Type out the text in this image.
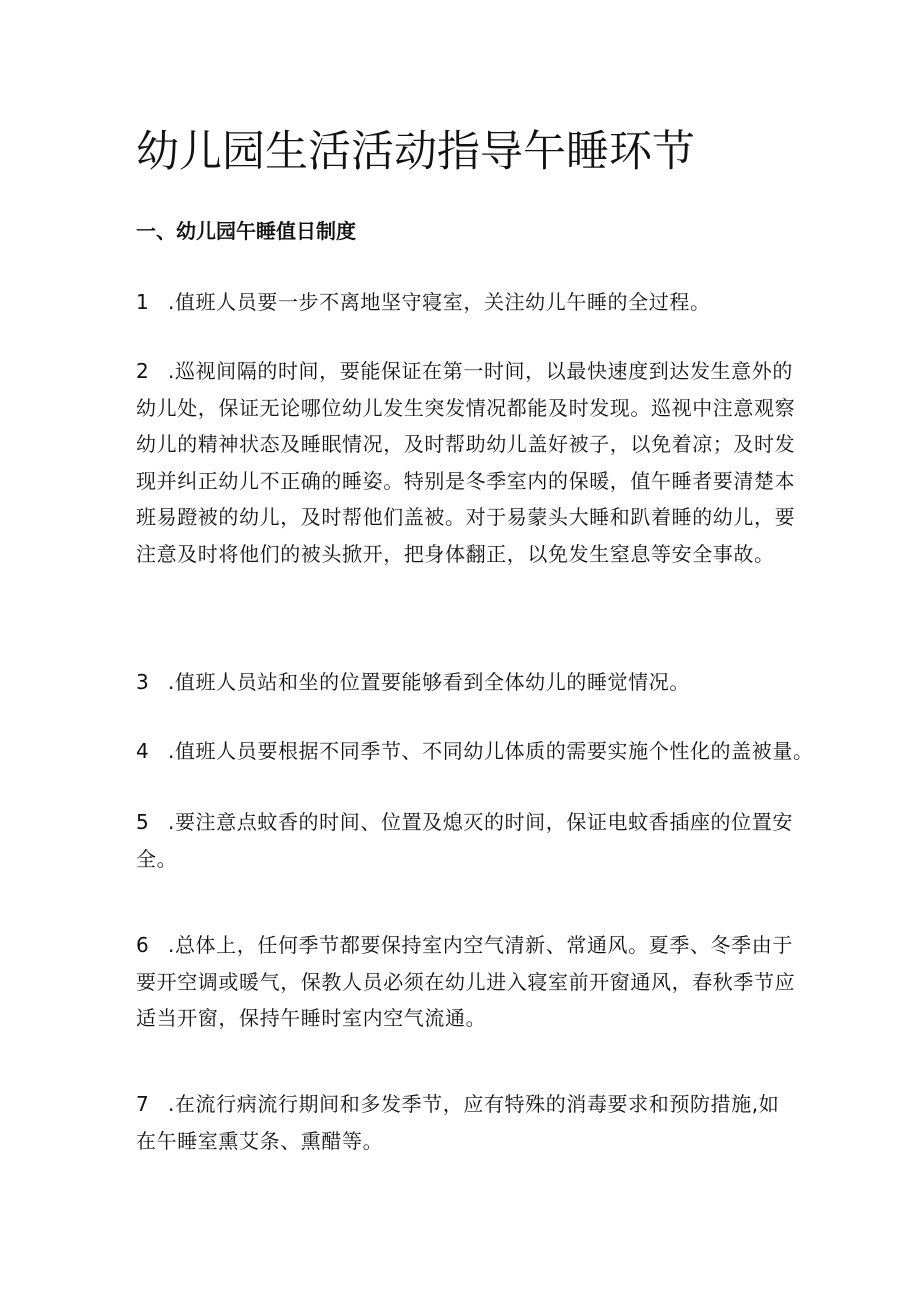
幼儿园生活活动指导午睡环节
一、幼儿园午睡值日制度

1 .值班人员要一步不离地坚守寝室，关注幼儿午睡的全过程。

2 .巡视间隔的时间，要能保证在第一时间，以最快速度到达发生意外的幼儿处，保证无论哪位幼儿发生突发情况都能及时发现。巡视中注意观察幼儿的精神状态及睡眠情况，及时帮助幼儿盖好被子，以免着凉；及时发现并纠正幼儿不正确的睡姿。特别是冬季室内的保暖，值午睡者要清楚本班易蹬被的幼儿，及时帮他们盖被。对于易蒙头大睡和趴着睡的幼儿，要注意及时将他们的被头掀开，把身体翻正，以免发生窒息等安全事故。

3 .值班人员站和坐的位置要能够看到全体幼儿的睡觉情况。

4 .值班人员要根据不同季节、不同幼儿体质的需要实施个性化的盖被量。

5 .要注意点蚊香的时间、位置及熄灭的时间，保证电蚊香插座的位置安全。

6 .总体上，任何季节都要保持室内空气清新、常通风。夏季、冬季由于要开空调或暖气，保教人员必须在幼儿进入寝室前开窗通风，春秋季节应适当开窗，保持午睡时室内空气流通。

7 .在流行病流行期间和多发季节，应有特殊的消毒要求和预防措施,如在午睡室熏艾条、熏醋等。
